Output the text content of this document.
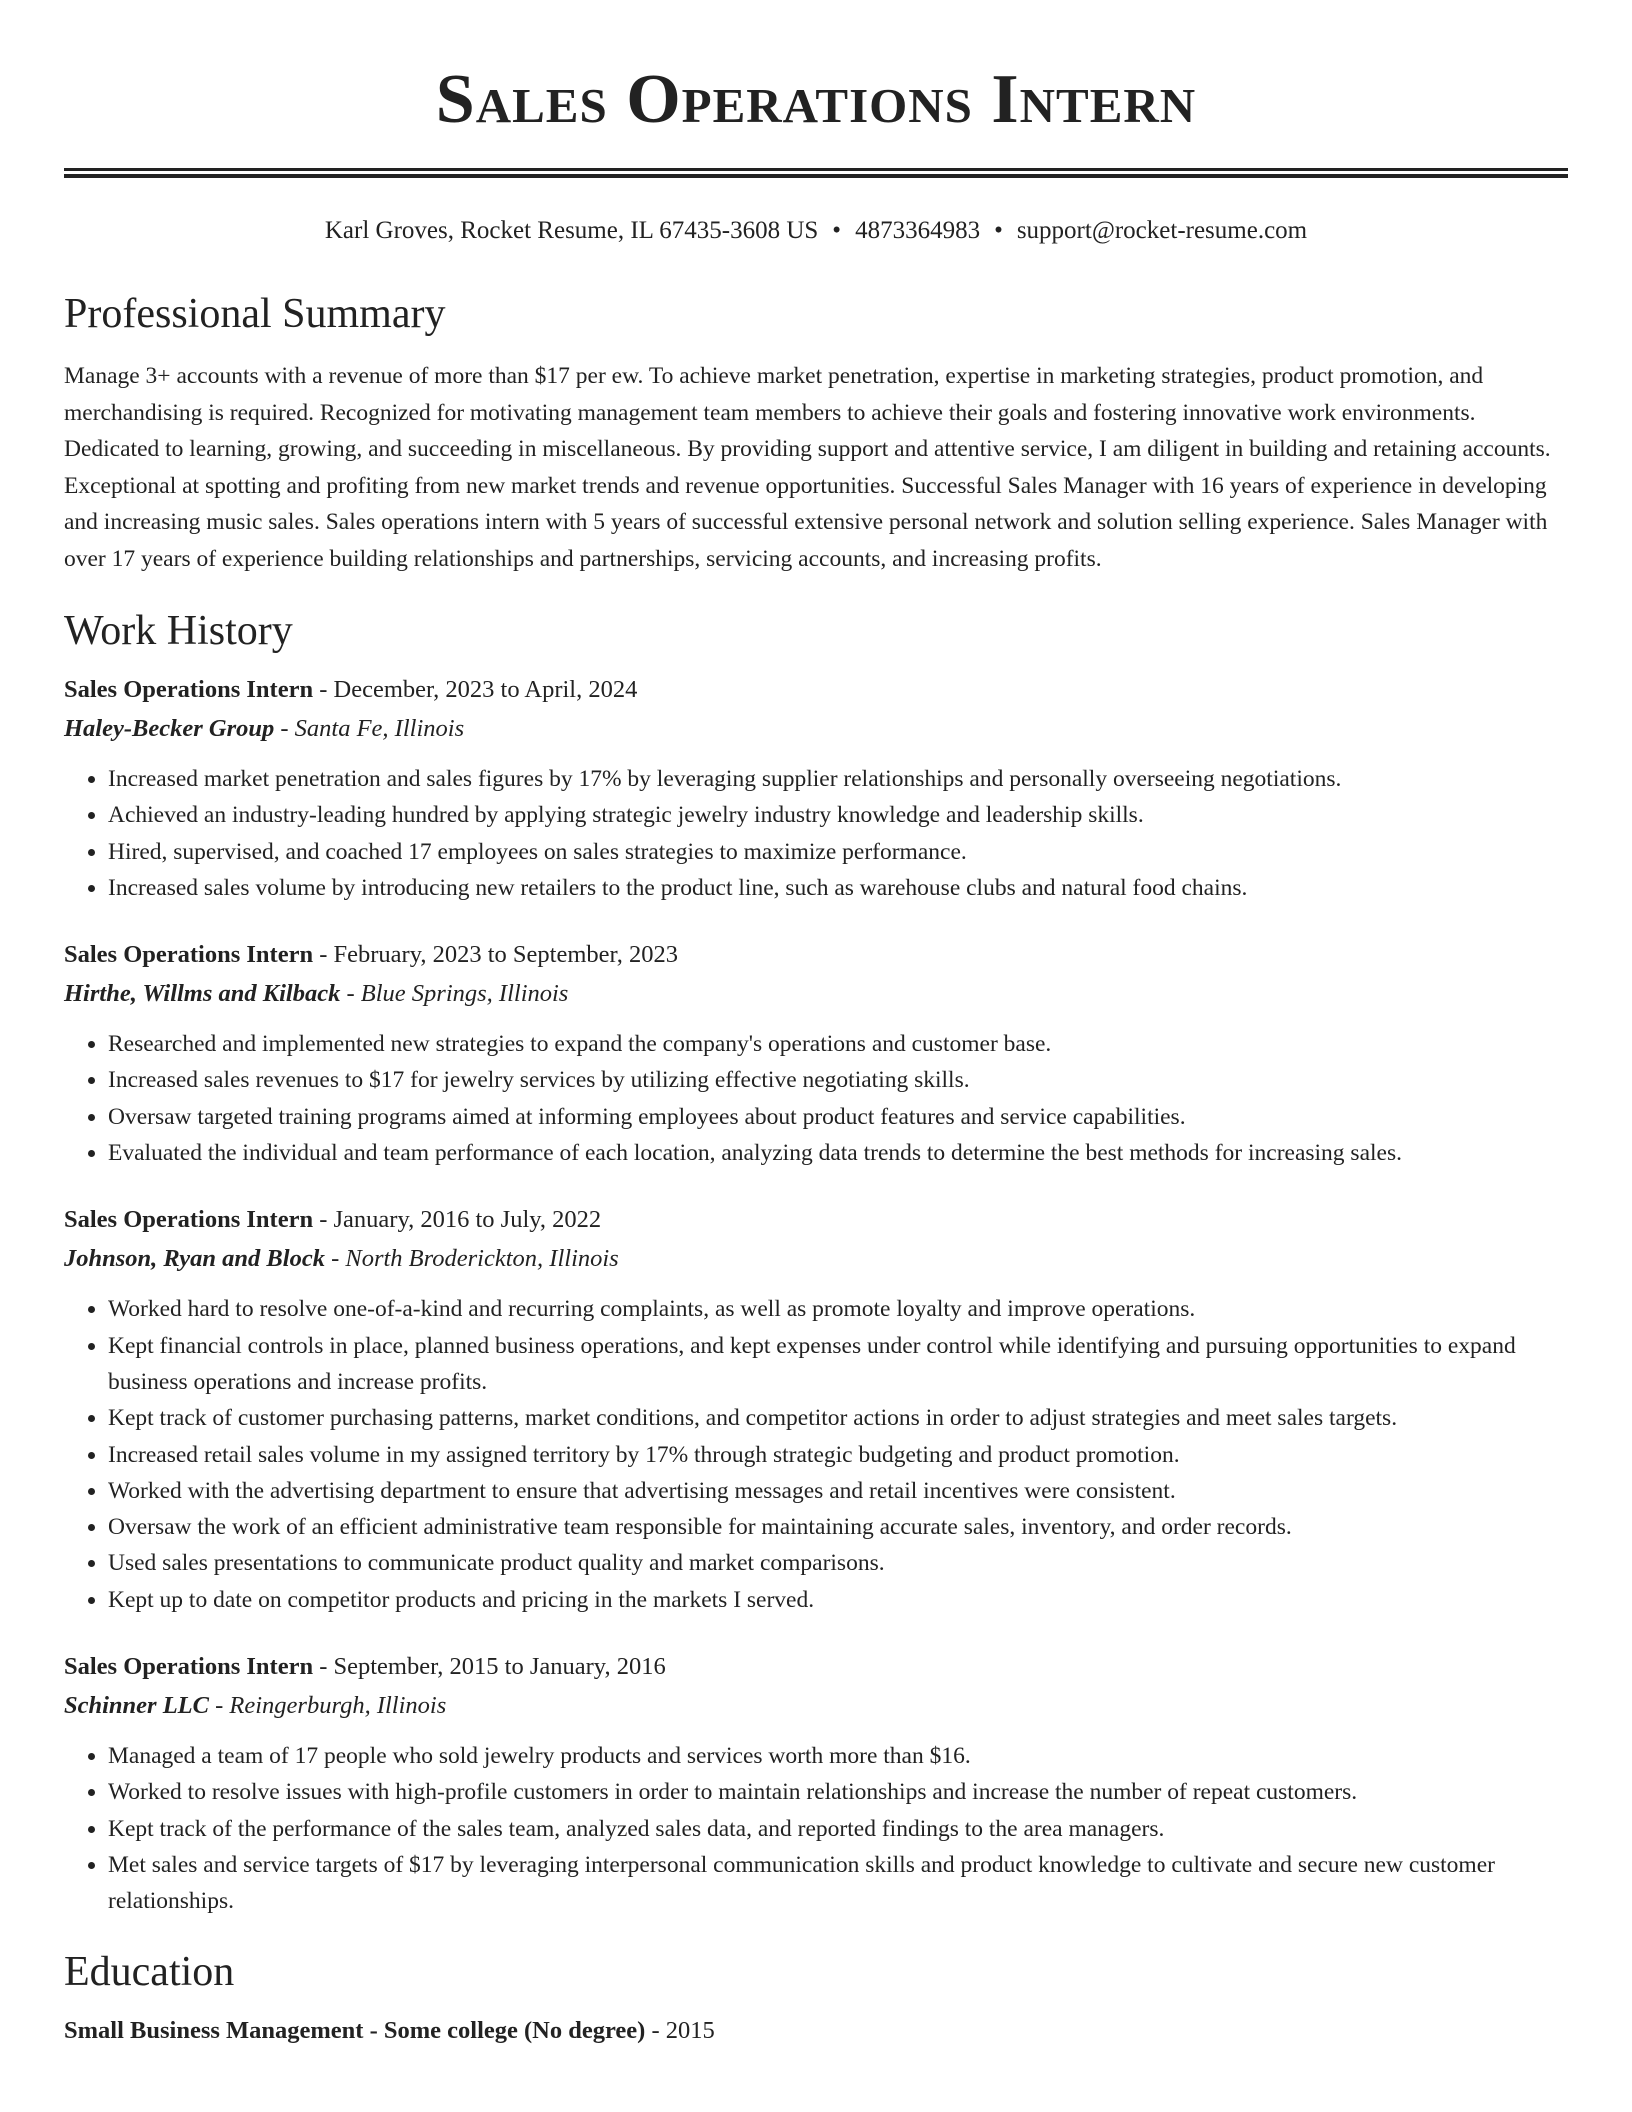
Sales Operations Intern
Karl Groves, Rocket Resume, IL 67435-3608 US • 4873364983 • support@rocket-resume.com
Professional Summary

Manage 3+ accounts with a revenue of more than $17 per ew. To achieve market penetration, expertise in marketing strategies, product promotion, and merchandising is required. Recognized for motivating management team members to achieve their goals and fostering innovative work environments. Dedicated to learning, growing, and succeeding in miscellaneous. By providing support and attentive service, I am diligent in building and retaining accounts. Exceptional at spotting and profiting from new market trends and revenue opportunities. Successful Sales Manager with 16 years of experience in developing and increasing music sales. Sales operations intern with 5 years of successful extensive personal network and solution selling experience. Sales Manager with over 17 years of experience building relationships and partnerships, servicing accounts, and increasing profits.

Work History
Sales Operations Intern - December, 2023 to April, 2024
Haley-Becker Group - Santa Fe, Illinois
• Increased market penetration and sales figures by 17% by leveraging supplier relationships and personally overseeing negotiations.
• Achieved an industry-leading hundred by applying strategic jewelry industry knowledge and leadership skills.
• Hired, supervised, and coached 17 employees on sales strategies to maximize performance.
• Increased sales volume by introducing new retailers to the product line, such as warehouse clubs and natural food chains.
Sales Operations Intern - February, 2023 to September, 2023
Hirthe, Willms and Kilback - Blue Springs, Illinois
• Researched and implemented new strategies to expand the company's operations and customer base.
• Increased sales revenues to $17 for jewelry services by utilizing effective negotiating skills.
• Oversaw targeted training programs aimed at informing employees about product features and service capabilities.
• Evaluated the individual and team performance of each location, analyzing data trends to determine the best methods for increasing sales.
Sales Operations Intern - January, 2016 to July, 2022
Johnson, Ryan and Block - North Broderickton, Illinois
• Worked hard to resolve one-of-a-kind and recurring complaints, as well as promote loyalty and improve operations.
• Kept financial controls in place, planned business operations, and kept expenses under control while identifying and pursuing opportunities to expand business operations and increase profits.
• Kept track of customer purchasing patterns, market conditions, and competitor actions in order to adjust strategies and meet sales targets.
• Increased retail sales volume in my assigned territory by 17% through strategic budgeting and product promotion.
• Worked with the advertising department to ensure that advertising messages and retail incentives were consistent.
• Oversaw the work of an efficient administrative team responsible for maintaining accurate sales, inventory, and order records.
• Used sales presentations to communicate product quality and market comparisons.
• Kept up to date on competitor products and pricing in the markets I served.
Sales Operations Intern - September, 2015 to January, 2016
Schinner LLC - Reingerburgh, Illinois
• Managed a team of 17 people who sold jewelry products and services worth more than $16.
• Worked to resolve issues with high-profile customers in order to maintain relationships and increase the number of repeat customers.
• Kept track of the performance of the sales team, analyzed sales data, and reported findings to the area managers.
• Met sales and service targets of $17 by leveraging interpersonal communication skills and product knowledge to cultivate and secure new customer relationships.
Education
Small Business Management - Some college (No degree) - 2015
